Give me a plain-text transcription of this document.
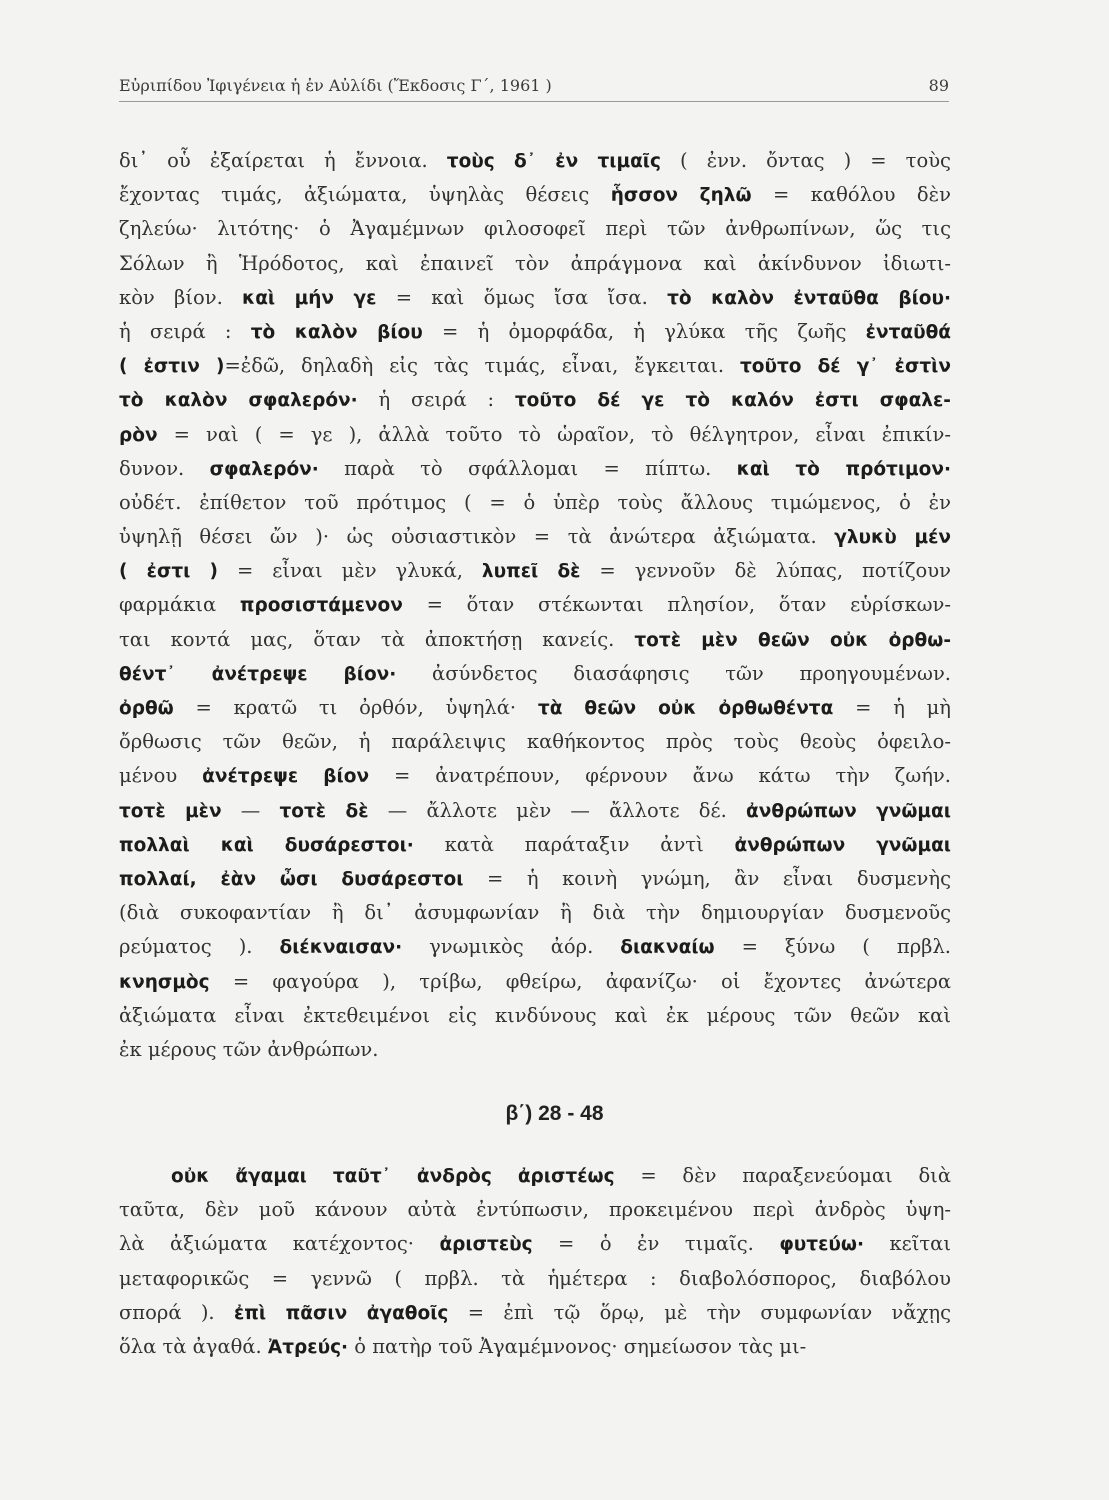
Εὐριπίδου Ἰφιγένεια ἡ ἐν Αὐλίδι (Ἔκδοσις Γ΄, 1961 )	89
δι᾽ οὗ ἐξαίρεται ἡ ἔννοια. τοὺς δ᾽ ἐν τιμαῖς ( ἐνν. ὄντας ) = τοὺς
ἔχοντας τιμάς, ἀξιώματα, ὑψηλὰς θέσεις ἧσσον ζηλῶ = καθόλου δὲν
ζηλεύω· λιτότης· ὁ Ἀγαμέμνων φιλοσοφεῖ περὶ τῶν ἀνθρωπίνων, ὥς τις
Σόλων ἢ Ἡρόδοτος, καὶ ἐπαινεῖ τὸν ἀπράγμονα καὶ ἀκίνδυνον ἰδιωτι-
κὸν βίον. καὶ μήν γε = καὶ ὅμως ἴσα ἴσα. τὸ καλὸν ἐνταῦθα βίου·
ἡ σειρά : τὸ καλὸν βίου = ἡ ὀμορφάδα, ἡ γλύκα τῆς ζωῆς ἐνταῦθά
( ἐστιν )=ἐδῶ, δηλαδὴ εἰς τὰς τιμάς, εἶναι, ἔγκειται. τοῦτο δέ γ᾽ ἐστὶν
τὸ καλὸν σφαλερόν· ἡ σειρά : τοῦτο δέ γε τὸ καλόν ἐστι σφαλε-
ρὸν = ναὶ ( = γε ), ἀλλὰ τοῦτο τὸ ὡραῖον, τὸ θέλγητρον, εἶναι ἐπικίν-
δυνον. σφαλερόν· παρὰ τὸ σφάλλομαι = πίπτω. καὶ τὸ πρότιμον·
οὐδέτ. ἐπίθετον τοῦ πρότιμος ( = ὁ ὑπὲρ τοὺς ἄλλους τιμώμενος, ὁ ἐν
ὑψηλῇ θέσει ὤν )· ὡς οὐσιαστικὸν = τὰ ἀνώτερα ἀξιώματα. γλυκὺ μέν
( ἐστι ) = εἶναι μὲν γλυκά, λυπεῖ δὲ = γεννοῦν δὲ λύπας, ποτίζουν
φαρμάκια προσιστάμενον = ὅταν στέκωνται πλησίον, ὅταν εὑρίσκων-
ται κοντά μας, ὅταν τὰ ἀποκτήσῃ κανείς. τοτὲ μὲν θεῶν οὐκ ὀρθω-
θέντ᾽ ἀνέτρεψε βίον· ἀσύνδετος διασάφησις τῶν προηγουμένων.
ὀρθῶ = κρατῶ τι ὀρθόν, ὑψηλά· τὰ θεῶν οὐκ ὀρθωθέντα = ἡ μὴ
ὄρθωσις τῶν θεῶν, ἡ παράλειψις καθήκοντος πρὸς τοὺς θεοὺς ὀφειλο-
μένου ἀνέτρεψε βίον = ἀνατρέπουν, φέρνουν ἄνω κάτω τὴν ζωήν.
τοτὲ μὲν — τοτὲ δὲ — ἄλλοτε μὲν — ἄλλοτε δέ. ἀνθρώπων γνῶμαι
πολλαὶ καὶ δυσάρεστοι· κατὰ παράταξιν ἀντὶ ἀνθρώπων γνῶμαι
πολλαί, ἐὰν ὦσι δυσάρεστοι = ἡ κοινὴ γνώμη, ἂν εἶναι δυσμενὴς
(διὰ συκοφαντίαν ἢ δι᾽ ἀσυμφωνίαν ἢ διὰ τὴν δημιουργίαν δυσμενοῦς
ρεύματος ). διέκναισαν· γνωμικὸς ἀόρ. διακναίω = ξύνω ( πρβλ.
κνησμὸς = φαγούρα ), τρίβω, φθείρω, ἀφανίζω· οἱ ἔχοντες ἀνώτερα
ἀξιώματα εἶναι ἐκτεθειμένοι εἰς κινδύνους καὶ ἐκ μέρους τῶν θεῶν καὶ
ἐκ μέρους τῶν ἀνθρώπων.
β΄) 28 - 48
οὐκ ἄγαμαι ταῦτ᾽ ἀνδρὸς ἀριστέως = δὲν παραξενεύομαι διὰ
ταῦτα, δὲν μοῦ κάνουν αὐτὰ ἐντύπωσιν, προκειμένου περὶ ἀνδρὸς ὑψη-
λὰ ἀξιώματα κατέχοντος· ἀριστεὺς = ὁ ἐν τιμαῖς. φυτεύω· κεῖται
μεταφορικῶς = γεννῶ ( πρβλ. τὰ ἡμέτερα : διαβολόσπορος, διαβόλου
σπορά ). ἐπὶ πᾶσιν ἀγαθοῖς = ἐπὶ τῷ ὅρῳ, μὲ τὴν συμφωνίαν νἄχῃς
ὅλα τὰ ἀγαθά. Ἀτρεύς· ὁ πατὴρ τοῦ Ἀγαμέμνονος· σημείωσον τὰς μι-
